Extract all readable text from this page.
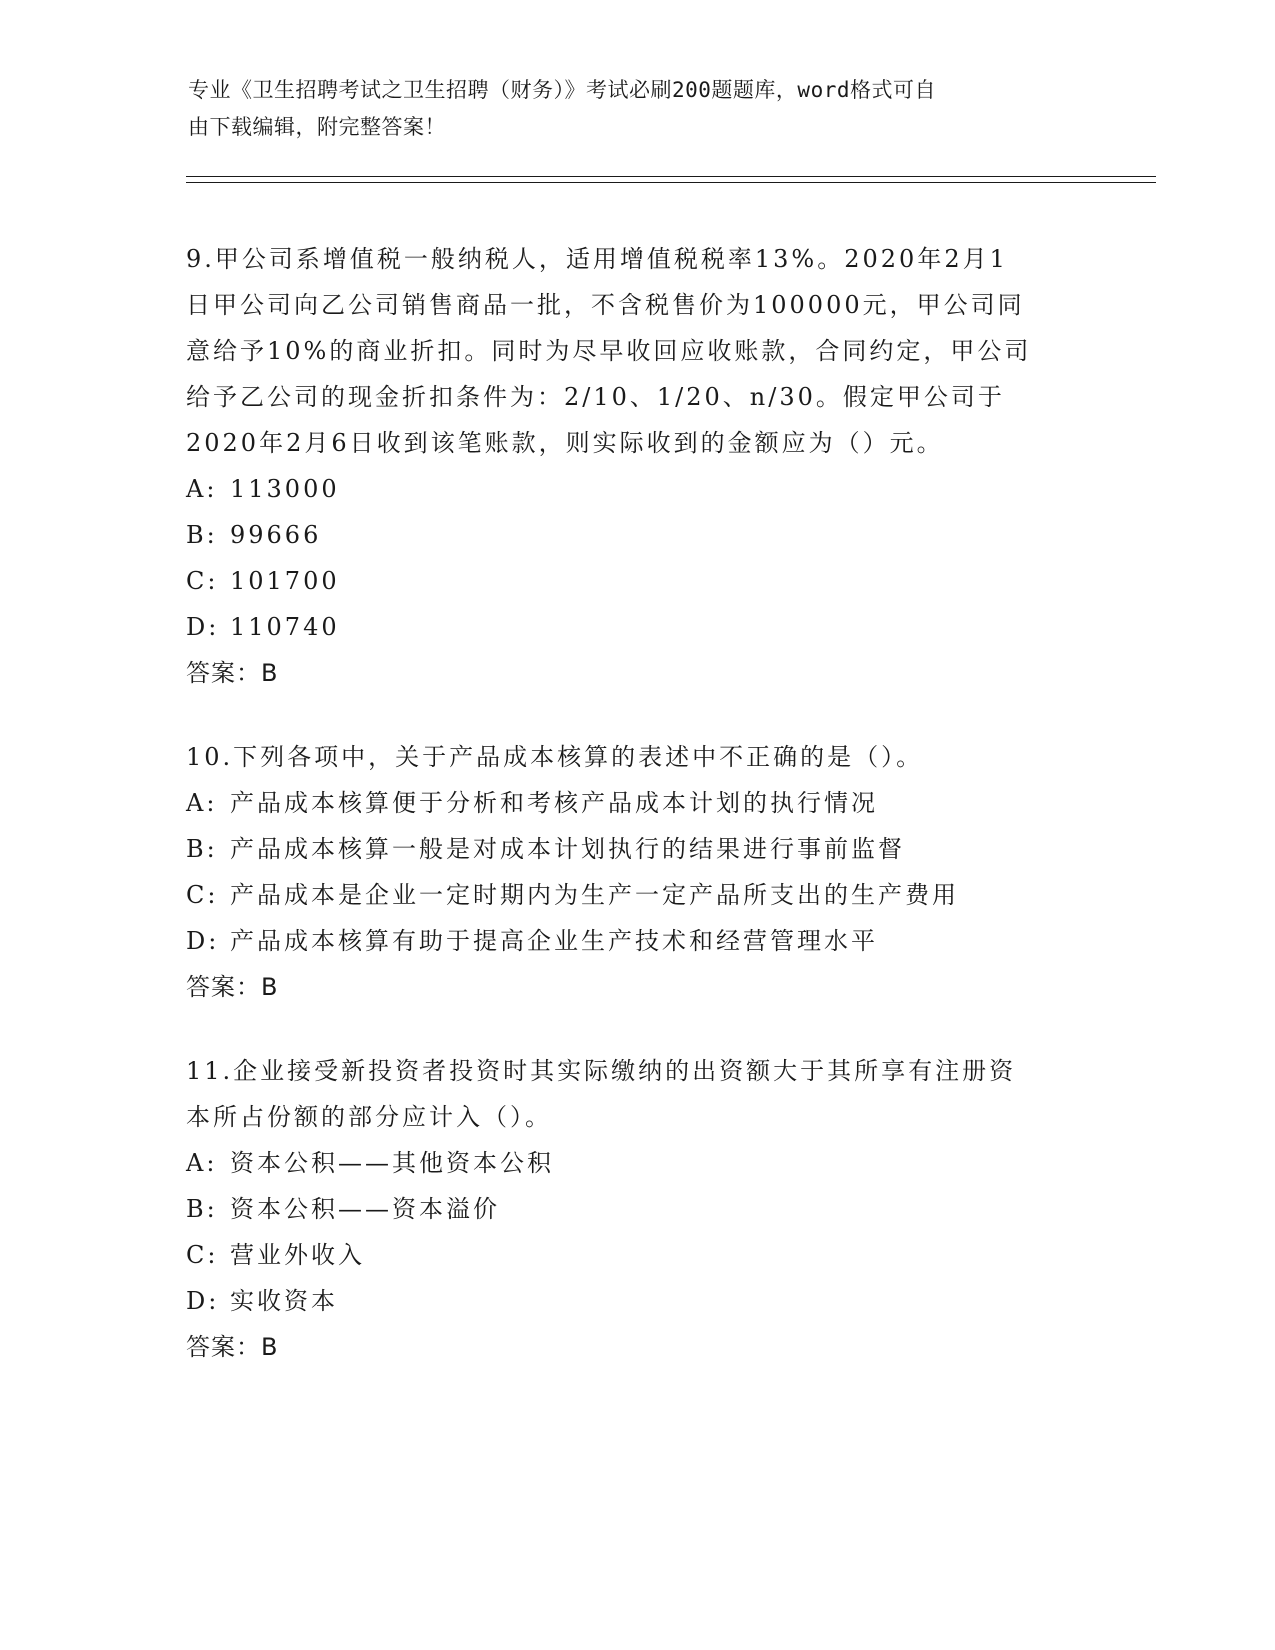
专业《卫生招聘考试之卫生招聘（财务）》考试必刷200题题库，word格式可自
由下载编辑，附完整答案！
9.甲公司系增值税一般纳税人，适用增值税税率13%。2020年2月1
日甲公司向乙公司销售商品一批，不含税售价为100000元，甲公司同
意给予10%的商业折扣。同时为尽早收回应收账款，合同约定，甲公司
给予乙公司的现金折扣条件为：2/10、1/20、n/30。假定甲公司于
2020年2月6日收到该笔账款，则实际收到的金额应为（）元。
A: 113000
B: 99666
C: 101700
D: 110740
答案：B
10.下列各项中，关于产品成本核算的表述中不正确的是（）。
A: 产品成本核算便于分析和考核产品成本计划的执行情况
B: 产品成本核算一般是对成本计划执行的结果进行事前监督
C: 产品成本是企业一定时期内为生产一定产品所支出的生产费用
D: 产品成本核算有助于提高企业生产技术和经营管理水平
答案：B
11.企业接受新投资者投资时其实际缴纳的出资额大于其所享有注册资
本所占份额的部分应计入（）。
A: 资本公积——其他资本公积
B: 资本公积——资本溢价
C: 营业外收入
D: 实收资本
答案：B
